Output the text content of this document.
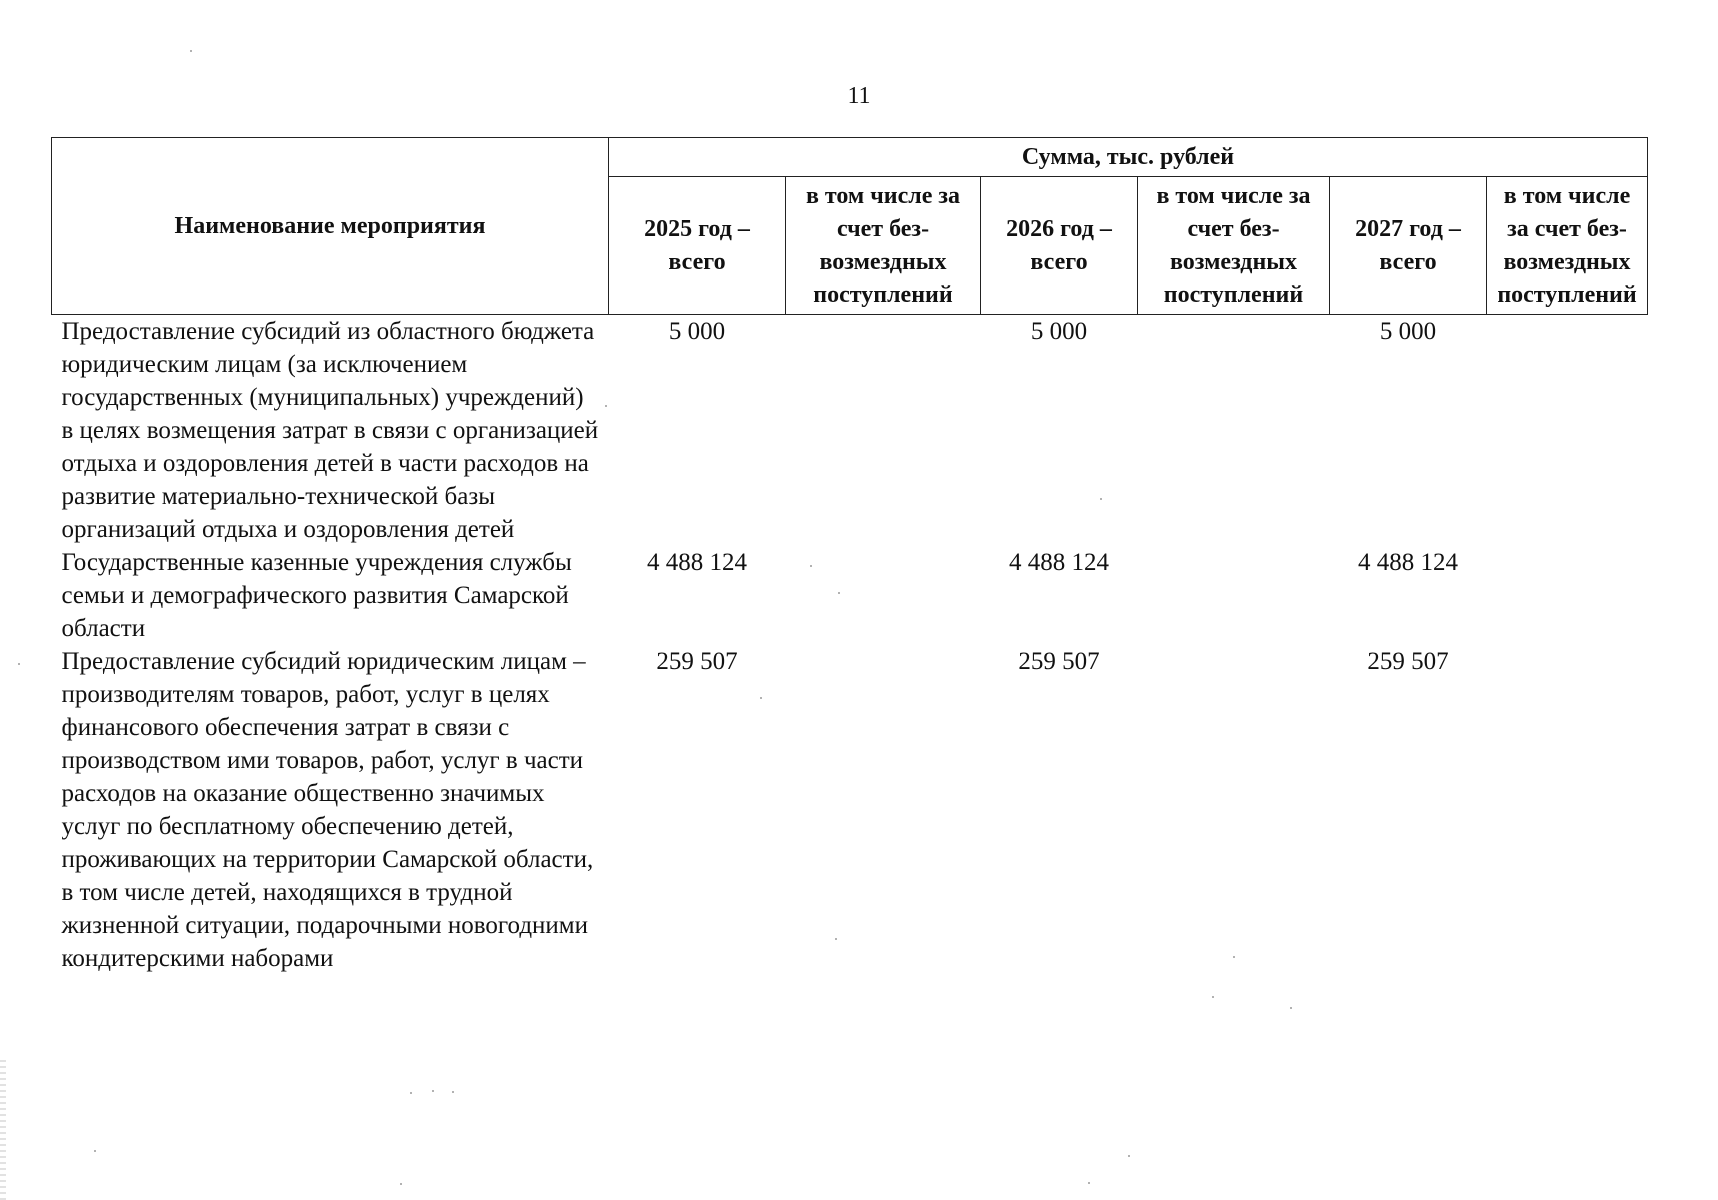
11
Наименование мероприятия	Сумма, тыс. рублей					
	2025 год – всего	в том числе за счет без- возмездных поступлений	2026 год – всего	в том числе за счет без- возмездных поступлений	2027 год – всего	в том числе за счет без- возмездных поступлений
Предоставление субсидий из областного бюджета юридическим лицам (за исключением государственных (муниципальных) учреждений) в целях возмещения затрат в связи с организацией отдыха и оздоровления детей в части расходов на развитие материально-технической базы организаций отдыха и оздоровления детей	5 000		5 000		5 000	
Государственные казенные учреждения службы семьи и демографического развития Самарской области	4 488 124		4 488 124		4 488 124	
Предоставление субсидий юридическим лицам – производителям товаров, работ, услуг в целях финансового обеспечения затрат в связи с производством ими товаров, работ, услуг в части расходов на оказание общественно значимых услуг по бесплатному обеспечению детей, проживающих на территории Самарской области, в том числе детей, находящихся в трудной жизненной ситуации, подарочными новогодними кондитерскими наборами	259 507		259 507		259 507	
